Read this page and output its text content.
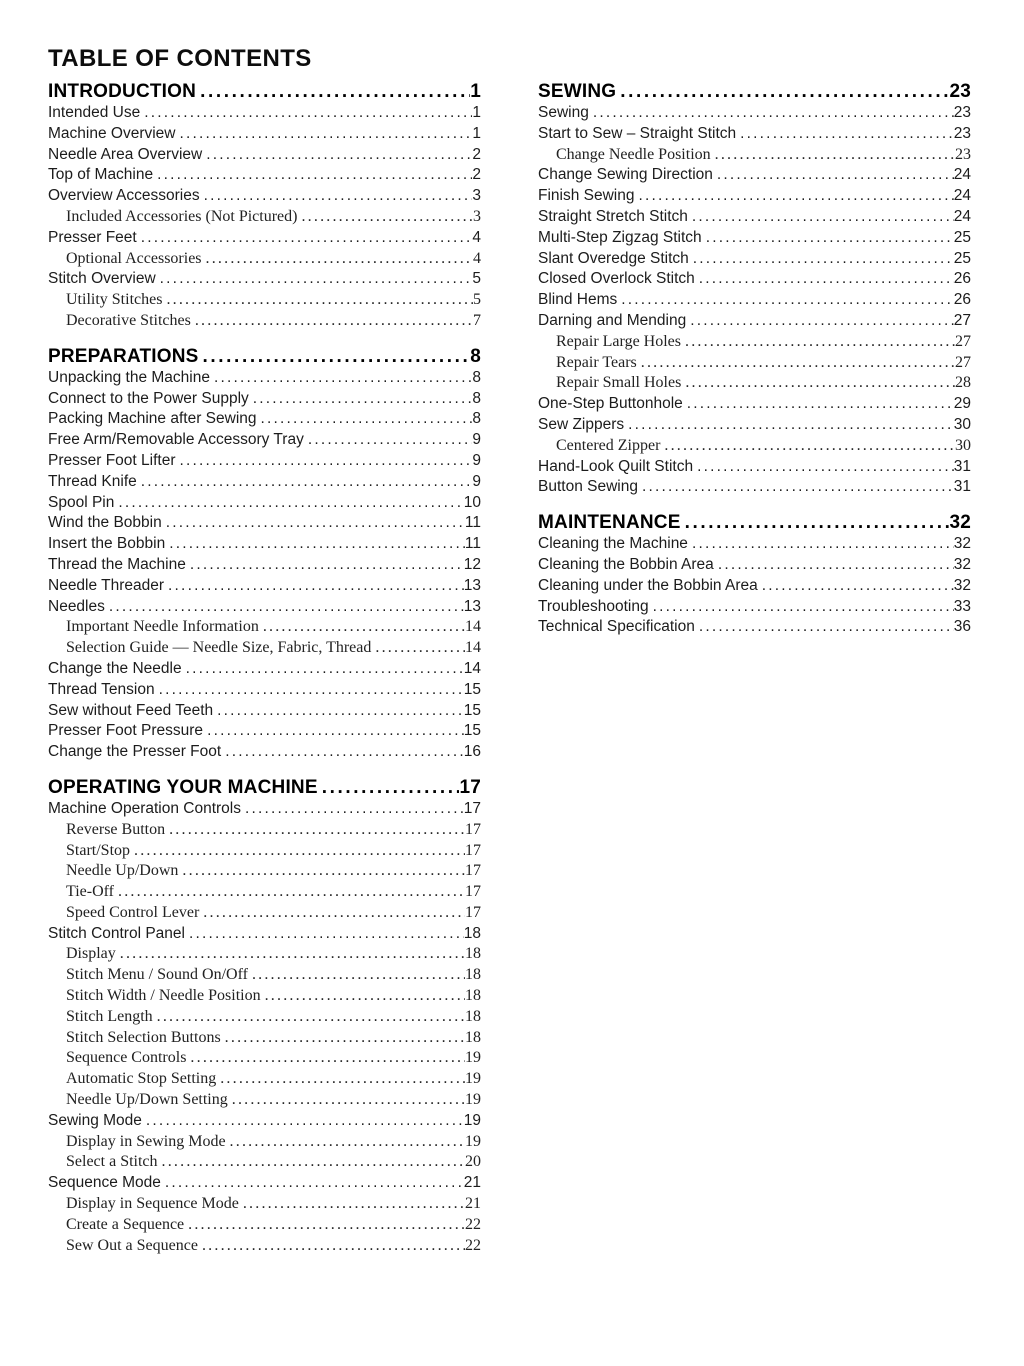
TABLE OF CONTENTS
INTRODUCTION .....	1
Intended Use .....	1
Machine Overview .....	1
Needle Area Overview .....	2
Top of Machine .....	2
Overview Accessories .....	3
Included Accessories (Not Pictured) .....	3
Presser Feet .....	4
Optional Accessories .....	4
Stitch Overview .....	5
Utility Stitches .....	5
Decorative Stitches .....	7
PREPARATIONS .....	8
Unpacking the Machine .....	8
Connect to the Power Supply .....	8
Packing Machine after Sewing .....	8
Free Arm/Removable Accessory Tray .....	9
Presser Foot Lifter .....	9
Thread Knife .....	9
Spool Pin .....	10
Wind the Bobbin .....	11
Insert the Bobbin .....	11
Thread the Machine .....	12
Needle Threader .....	13
Needles .....	13
Important Needle Information .....	14
Selection Guide — Needle Size, Fabric, Thread .....	14
Change the Needle .....	14
Thread Tension .....	15
Sew without Feed Teeth .....	15
Presser Foot Pressure .....	15
Change the Presser Foot .....	16
OPERATING YOUR MACHINE .....	17
Machine Operation Controls .....	17
Reverse Button .....	17
Start/Stop .....	17
Needle Up/Down .....	17
Tie-Off .....	17
Speed Control Lever .....	17
Stitch Control Panel .....	18
Display .....	18
Stitch Menu / Sound On/Off .....	18
Stitch Width / Needle Position .....	18
Stitch Length .....	18
Stitch Selection Buttons .....	18
Sequence Controls .....	19
Automatic Stop Setting .....	19
Needle Up/Down Setting .....	19
Sewing Mode .....	19
Display in Sewing Mode .....	19
Select a Stitch .....	20
Sequence Mode .....	21
Display in Sequence Mode .....	21
Create a Sequence .....	22
Sew Out a Sequence .....	22
SEWING .....	23
Sewing .....	23
Start to Sew – Straight Stitch .....	23
Change Needle Position .....	23
Change Sewing Direction .....	24
Finish Sewing .....	24
Straight Stretch Stitch .....	24
Multi-Step Zigzag Stitch .....	25
Slant Overedge Stitch .....	25
Closed Overlock Stitch .....	26
Blind Hems .....	26
Darning and Mending .....	27
Repair Large Holes .....	27
Repair Tears .....	27
Repair Small Holes .....	28
One-Step Buttonhole .....	29
Sew Zippers .....	30
Centered Zipper .....	30
Hand-Look Quilt Stitch .....	31
Button Sewing .....	31
MAINTENANCE .....	32
Cleaning the Machine .....	32
Cleaning the Bobbin Area .....	32
Cleaning under the Bobbin Area .....	32
Troubleshooting .....	33
Technical Specification .....	36
